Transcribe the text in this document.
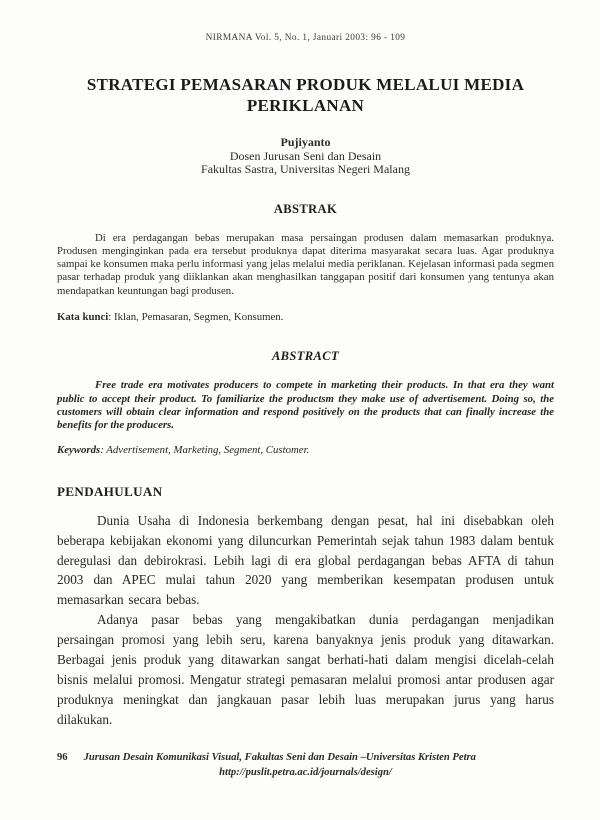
NIRMANA Vol. 5, No. 1, Januari 2003: 96 - 109
STRATEGI PEMASARAN PRODUK MELALUI MEDIA PERIKLANAN
Pujiyanto
Dosen Jurusan Seni dan Desain
Fakultas Sastra, Universitas Negeri Malang
ABSTRAK

Di era perdagangan bebas merupakan masa persaingan produsen dalam memasarkan produknya. Produsen menginginkan pada era tersebut produknya dapat diterima masyarakat secara luas. Agar produknya sampai ke konsumen maka perlu informasi yang jelas melalui media periklanan. Kejelasan informasi pada segmen pasar terhadap produk yang diiklankan akan menghasilkan tanggapan positif dari konsumen yang tentunya akan mendapatkan keuntungan bagi produsen.

Kata kunci: Iklan, Pemasaran, Segmen, Konsumen.

ABSTRACT

Free trade era motivates producers to compete in marketing their products. In that era they want public to accept their product. To familiarize the productsm they make use of advertisement. Doing so, the customers will obtain clear information and respond positively on the products that can finally increase the benefits for the producers.

Keywords: Advertisement, Marketing, Segment, Customer.

PENDAHULUAN

Dunia Usaha di Indonesia berkembang dengan pesat, hal ini disebabkan oleh beberapa kebijakan ekonomi yang diluncurkan Pemerintah sejak tahun 1983 dalam bentuk deregulasi dan debirokrasi. Lebih lagi di era global perdagangan bebas AFTA di tahun 2003 dan APEC mulai tahun 2020 yang memberikan kesempatan produsen untuk memasarkan secara bebas.

Adanya pasar bebas yang mengakibatkan dunia perdagangan menjadikan persaingan promosi yang lebih seru, karena banyaknya jenis produk yang ditawarkan. Berbagai jenis produk yang ditawarkan sangat berhati-hati dalam mengisi dicelah-celah bisnis melalui promosi. Mengatur strategi pemasaran melalui promosi antar produsen agar produknya meningkat dan jangkauan pasar lebih luas merupakan jurus yang harus dilakukan.

96 Jurusan Desain Komunikasi Visual, Fakultas Seni dan Desain –Universitas Kristen Petra
http://puslit.petra.ac.id/journals/design/
